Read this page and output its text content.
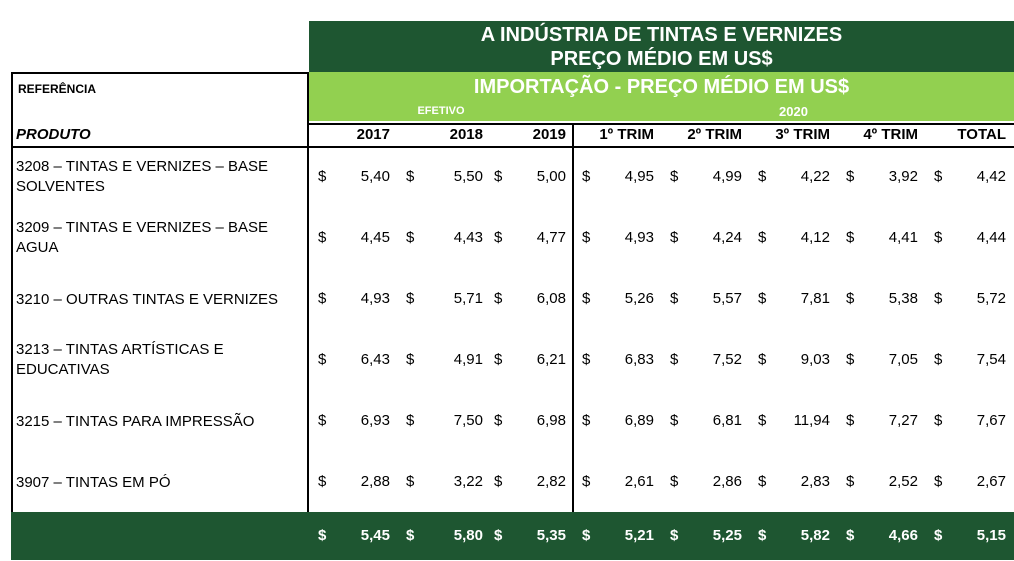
A INDÚSTRIA DE TINTAS E VERNIZES
PREÇO MÉDIO EM US$
REFERÊNCIA	IMPORTAÇÃO - PREÇO MÉDIO EM US$
EFETIVO	2020
PRODUTO	2017	2018	2019	1º TRIM	2º TRIM	3º TRIM	4º TRIM	TOTAL
3208 – TINTAS E VERNIZES – BASE
SOLVENTES
$	5,40 $	5,50 $	5,00 $	4,95 $	4,99 $	4,22 $	3,92 $	4,42
3209 – TINTAS E VERNIZES – BASE
AGUA
$	4,45 $	4,43 $	4,77 $	4,93 $	4,24 $	4,12 $	4,41 $	4,44
3210 – OUTRAS TINTAS E VERNIZES	$	4,93 $	5,71 $	6,08 $	5,26 $	5,57 $	7,81 $	5,38 $	5,72
3213 – TINTAS ARTÍSTICAS E
EDUCATIVAS
$	6,43 $	4,91 $	6,21 $	6,83 $	7,52 $	9,03 $	7,05 $	7,54
3215 – TINTAS PARA IMPRESSÃO	$	6,93 $	7,50 $	6,98 $	6,89 $	6,81 $	11,94 $	7,27 $	7,67
3907 – TINTAS EM PÓ	$	2,88 $	3,22 $	2,82 $	2,61 $	2,86 $	2,83 $	2,52 $	2,67
$	5,45 $	5,80 $	5,35 $	5,21 $	5,25 $	5,82 $	4,66 $	5,15
